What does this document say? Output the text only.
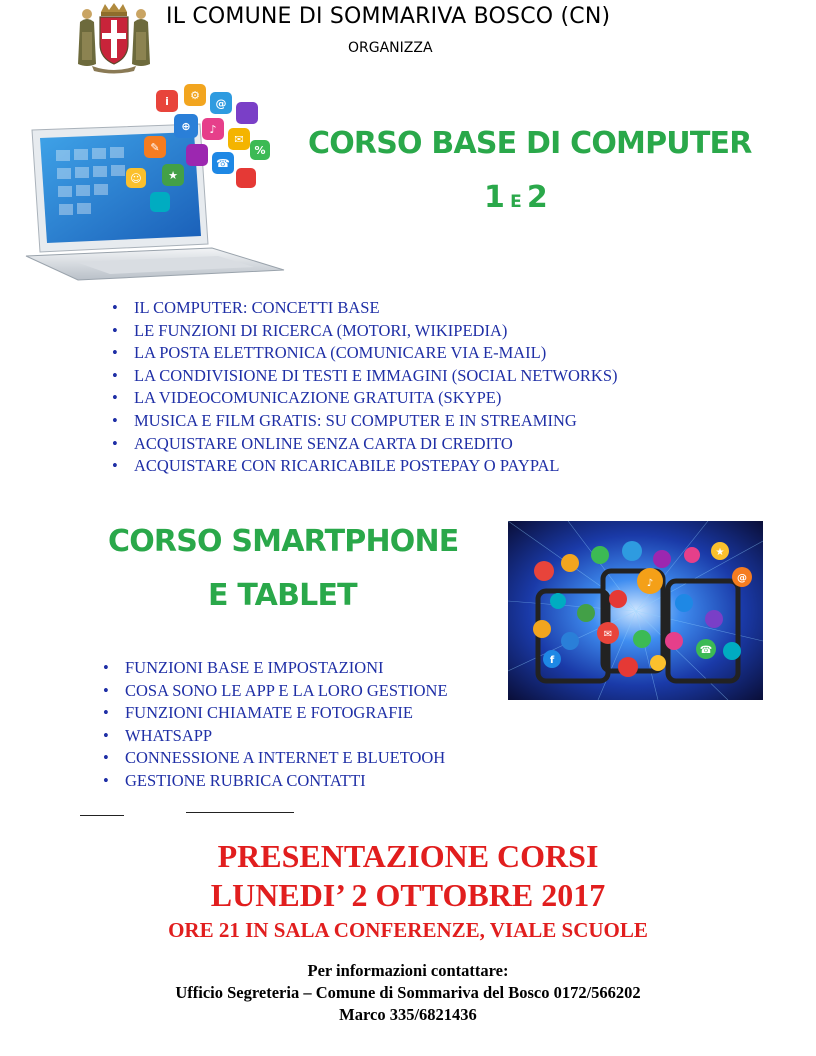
IL COMUNE DI SOMMARIVA BOSCO (CN)
ORGANIZZA
i ⚙
@
⊕ ♪
✉
%
✎
☎
★
☺
CORSO BASE DI COMPUTER
1 E 2
• IL COMPUTER: CONCETTI BASE
• LE FUNZIONI DI RICERCA (MOTORI, WIKIPEDIA)
• LA POSTA ELETTRONICA (COMUNICARE VIA E-MAIL)
• LA CONDIVISIONE DI TESTI E IMMAGINI (SOCIAL NETWORKS)
• LA VIDEOCOMUNICAZIONE GRATUITA (SKYPE)
• MUSICA E FILM GRATIS: SU COMPUTER E IN STREAMING
• ACQUISTARE ONLINE SENZA CARTA DI CREDITO
• ACQUISTARE CON RICARICABILE POSTEPAY O PAYPAL
CORSO SMARTPHONE
E TABLET	♪	@
✉
f
★
☎
• FUNZIONI BASE E IMPOSTAZIONI
• COSA SONO LE APP E LA LORO GESTIONE
• FUNZIONI CHIAMATE E FOTOGRAFIE
• WHATSAPP
• CONNESSIONE A INTERNET E BLUETOOH
• GESTIONE RUBRICA CONTATTI
PRESENTAZIONE CORSI
LUNEDI’ 2 OTTOBRE 2017
ORE 21 IN SALA CONFERENZE, VIALE SCUOLE
Per informazioni contattare:
Ufficio Segreteria – Comune di Sommariva del Bosco 0172/566202
Marco 335/6821436
